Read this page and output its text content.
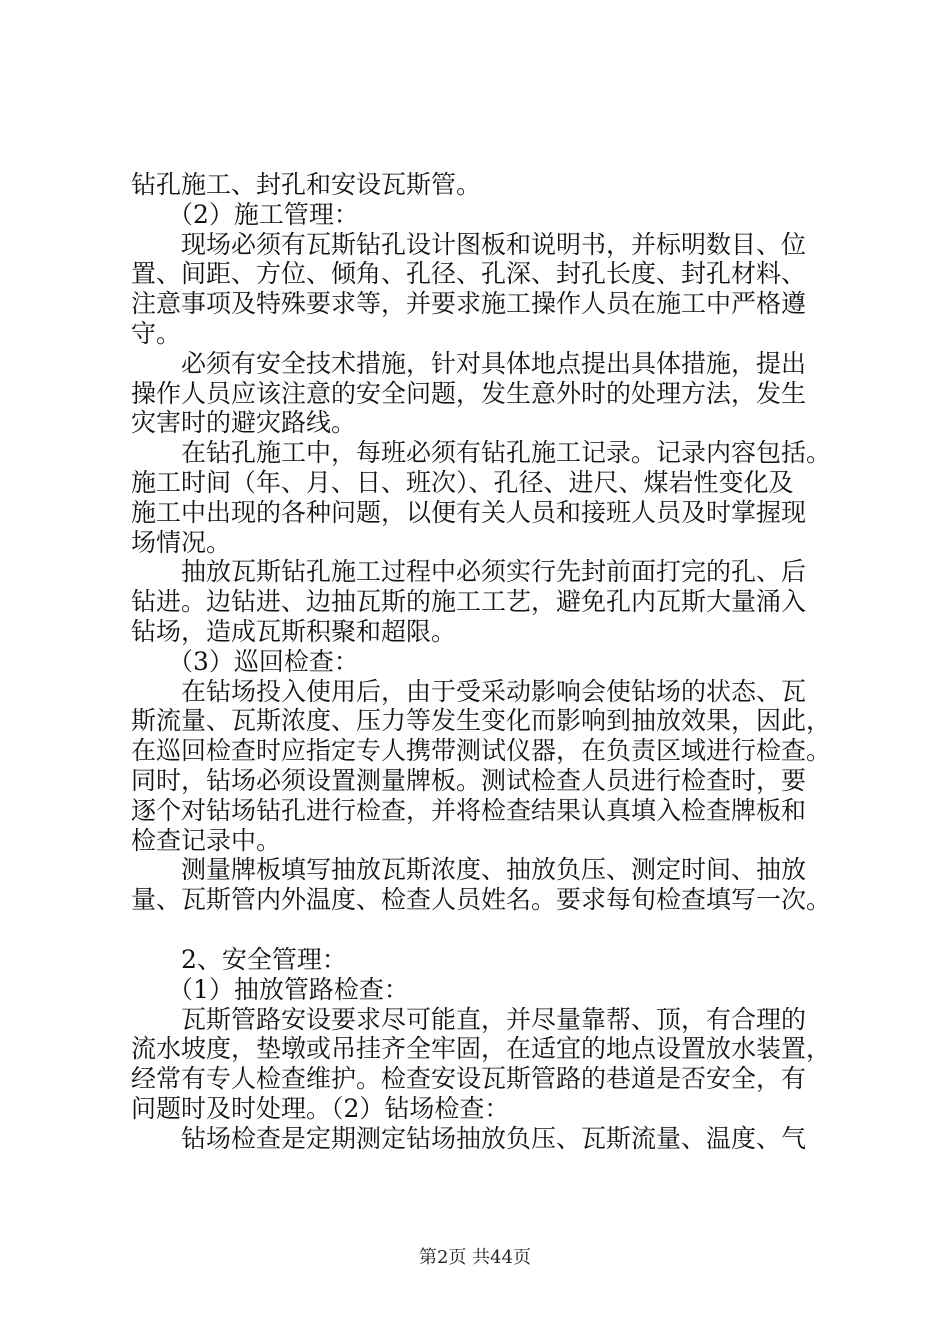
钻孔施工、封孔和安设瓦斯管。
（2）施工管理：
现场必须有瓦斯钻孔设计图板和说明书，并标明数目、位
置、间距、方位、倾角、孔径、孔深、封孔长度、封孔材料、
注意事项及特殊要求等，并要求施工操作人员在施工中严格遵
守。
必须有安全技术措施，针对具体地点提出具体措施，提出
操作人员应该注意的安全问题，发生意外时的处理方法，发生
灾害时的避灾路线。
在钻孔施工中，每班必须有钻孔施工记录。记录内容包括。
施工时间（年、月、日、班次）、孔径、进尺、煤岩性变化及
施工中出现的各种问题，以便有关人员和接班人员及时掌握现
场情况。
抽放瓦斯钻孔施工过程中必须实行先封前面打完的孔、后
钻进。边钻进、边抽瓦斯的施工工艺，避免孔内瓦斯大量涌入
钻场，造成瓦斯积聚和超限。
（3）巡回检查：
在钻场投入使用后，由于受采动影响会使钻场的状态、瓦
斯流量、瓦斯浓度、压力等发生变化而影响到抽放效果，因此，
在巡回检查时应指定专人携带测试仪器，在负责区域进行检查。
同时，钻场必须设置测量牌板。测试检查人员进行检查时，要
逐个对钻场钻孔进行检查，并将检查结果认真填入检查牌板和
检查记录中。
测量牌板填写抽放瓦斯浓度、抽放负压、测定时间、抽放
量、瓦斯管内外温度、检查人员姓名。要求每旬检查填写一次。
2、安全管理：
（1）抽放管路检查：
瓦斯管路安设要求尽可能直，并尽量靠帮、顶，有合理的
流水坡度，垫墩或吊挂齐全牢固，在适宜的地点设置放水装置，
经常有专人检查维护。检查安设瓦斯管路的巷道是否安全，有
问题时及时处理。（2）钻场检查：
钻场检查是定期测定钻场抽放负压、瓦斯流量、温度、气
第2页 共44页
